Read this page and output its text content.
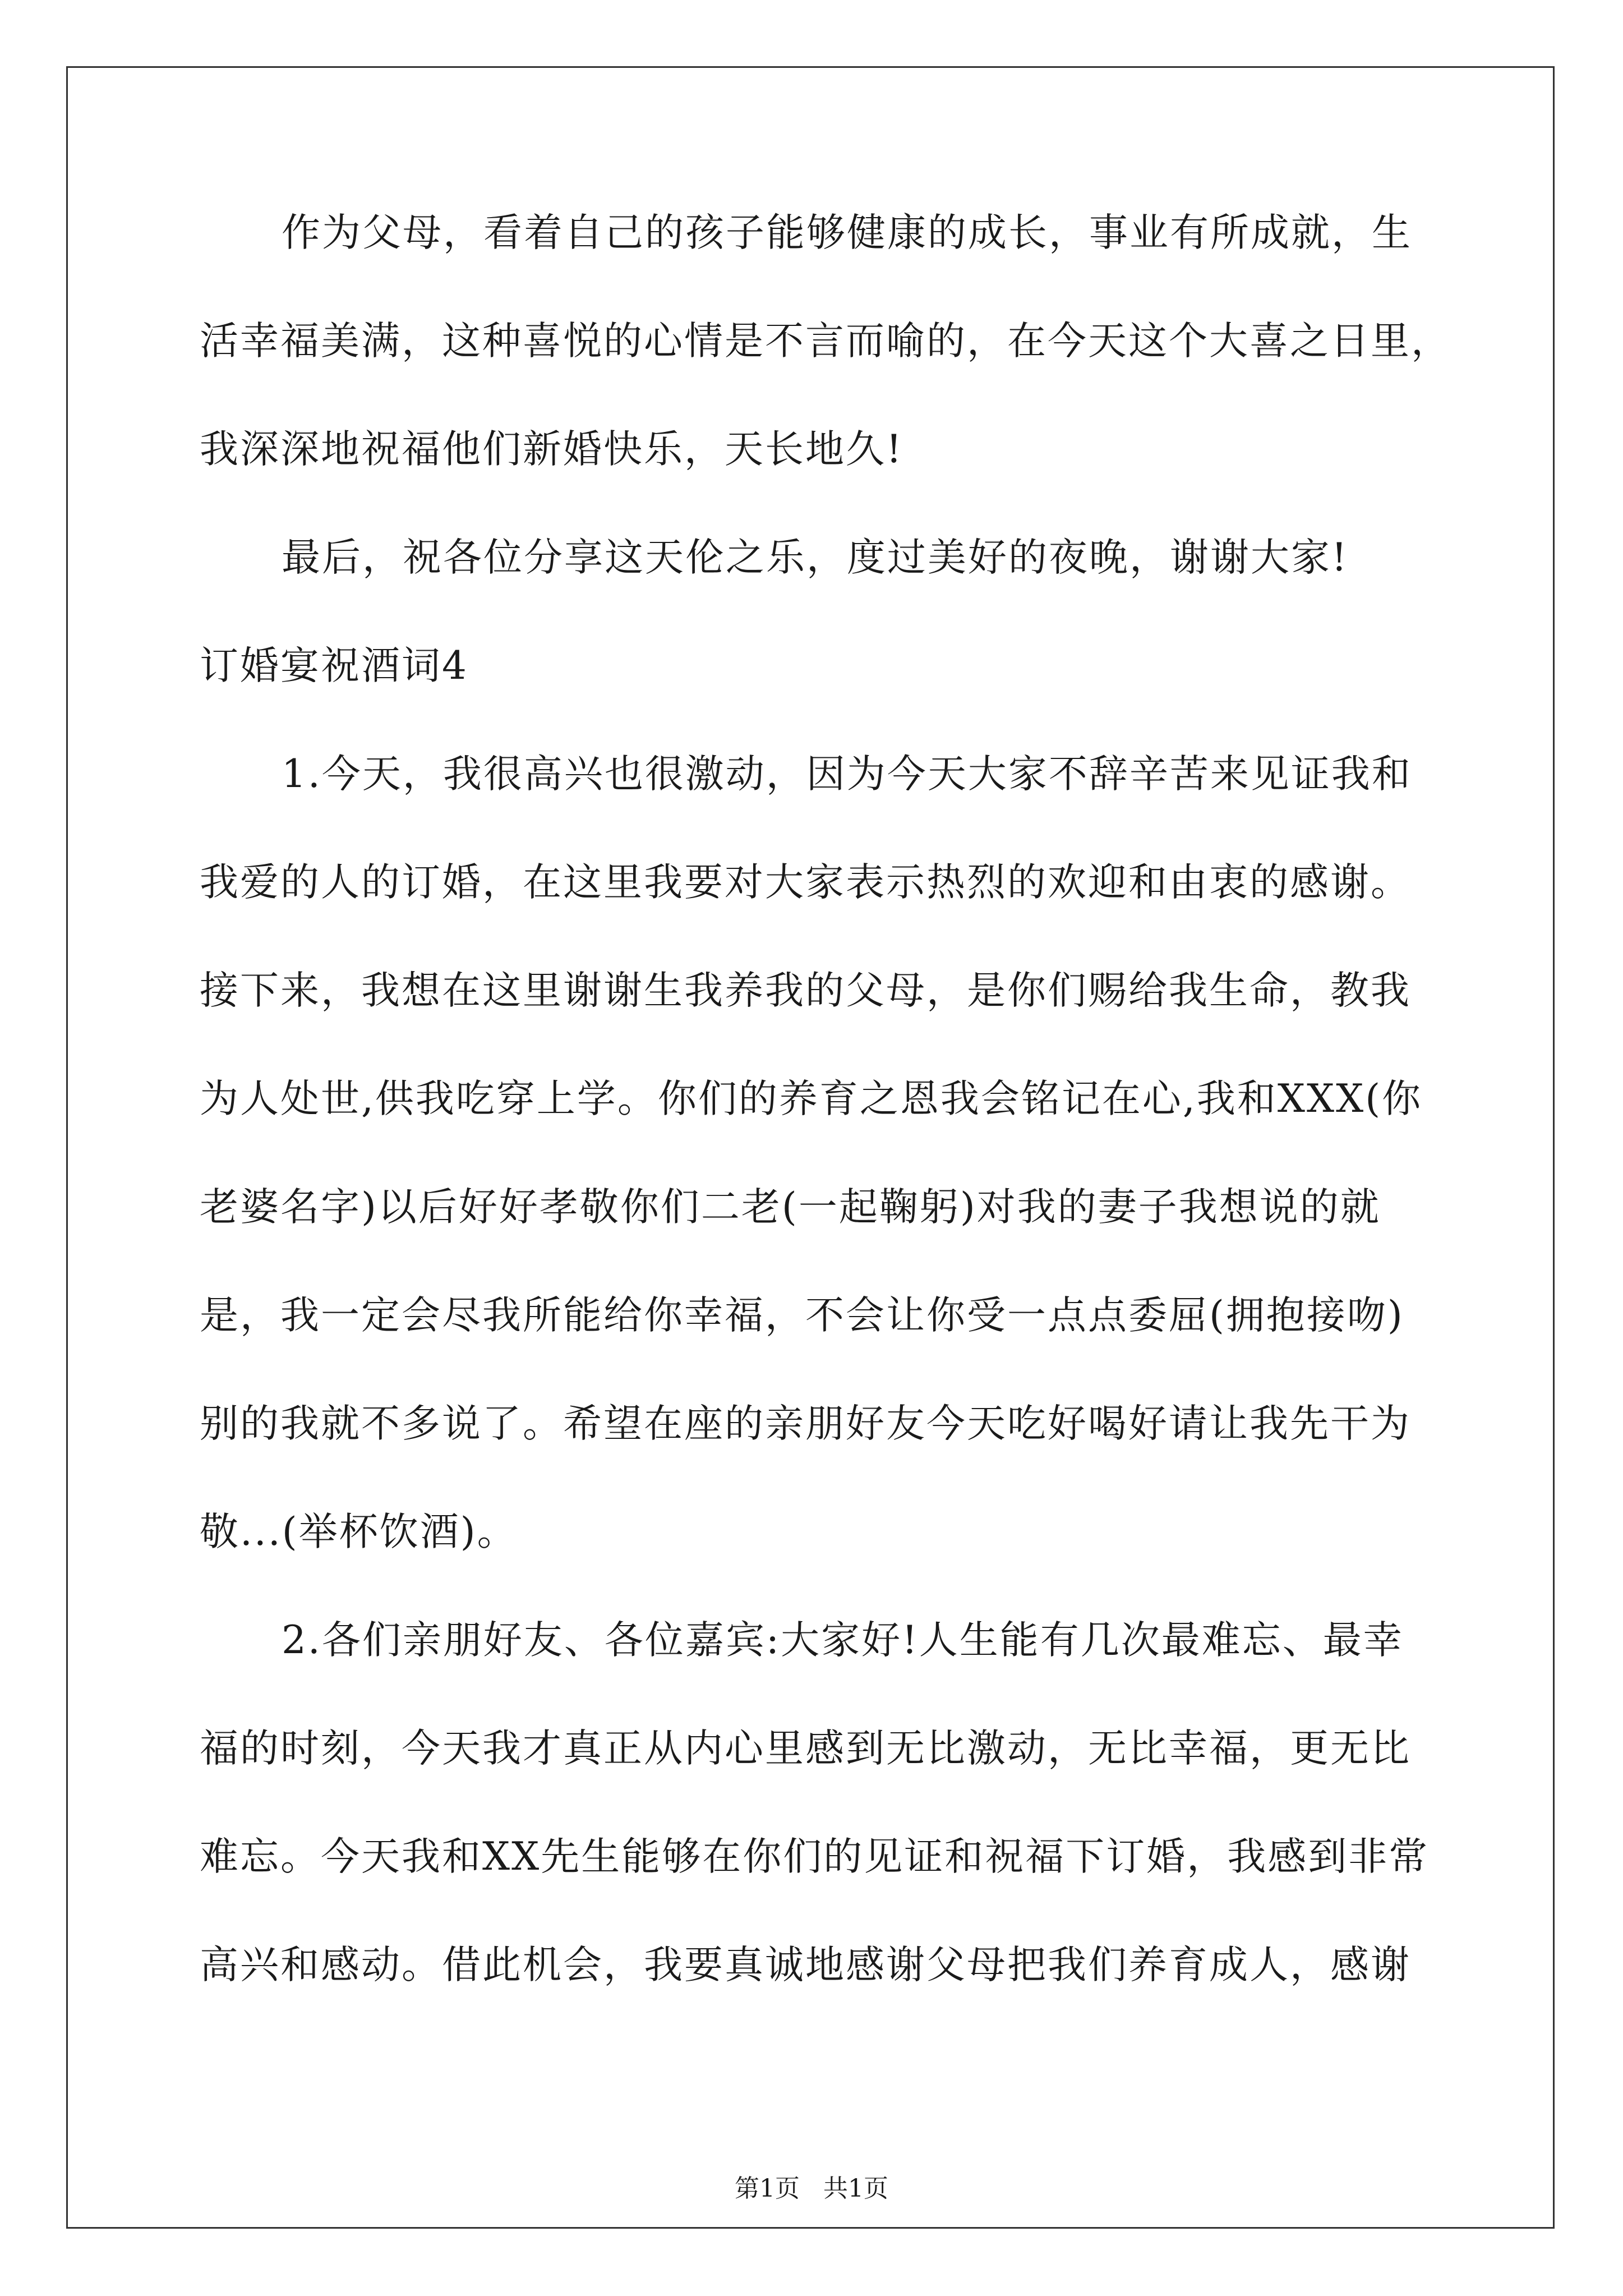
作为父母，看着自己的孩子能够健康的成长，事业有所成就，生
活幸福美满，这种喜悦的心情是不言而喻的，在今天这个大喜之日里，
我深深地祝福他们新婚快乐，天长地久!
最后，祝各位分享这天伦之乐，度过美好的夜晚，谢谢大家!
订婚宴祝酒词4
1.今天，我很高兴也很激动，因为今天大家不辞辛苦来见证我和
我爱的人的订婚，在这里我要对大家表示热烈的欢迎和由衷的感谢。
接下来，我想在这里谢谢生我养我的父母，是你们赐给我生命，教我
为人处世,供我吃穿上学。你们的养育之恩我会铭记在心,我和XXX(你
老婆名字)以后好好孝敬你们二老(一起鞠躬)对我的妻子我想说的就
是，我一定会尽我所能给你幸福，不会让你受一点点委屈(拥抱接吻)
别的我就不多说了。希望在座的亲朋好友今天吃好喝好请让我先干为
敬...(举杯饮酒)。
2.各们亲朋好友、各位嘉宾:大家好!人生能有几次最难忘、最幸
福的时刻，今天我才真正从内心里感到无比激动，无比幸福，更无比
难忘。今天我和XX先生能够在你们的见证和祝福下订婚，我感到非常
高兴和感动。借此机会，我要真诚地感谢父母把我们养育成人，感谢
第1页   共1页
